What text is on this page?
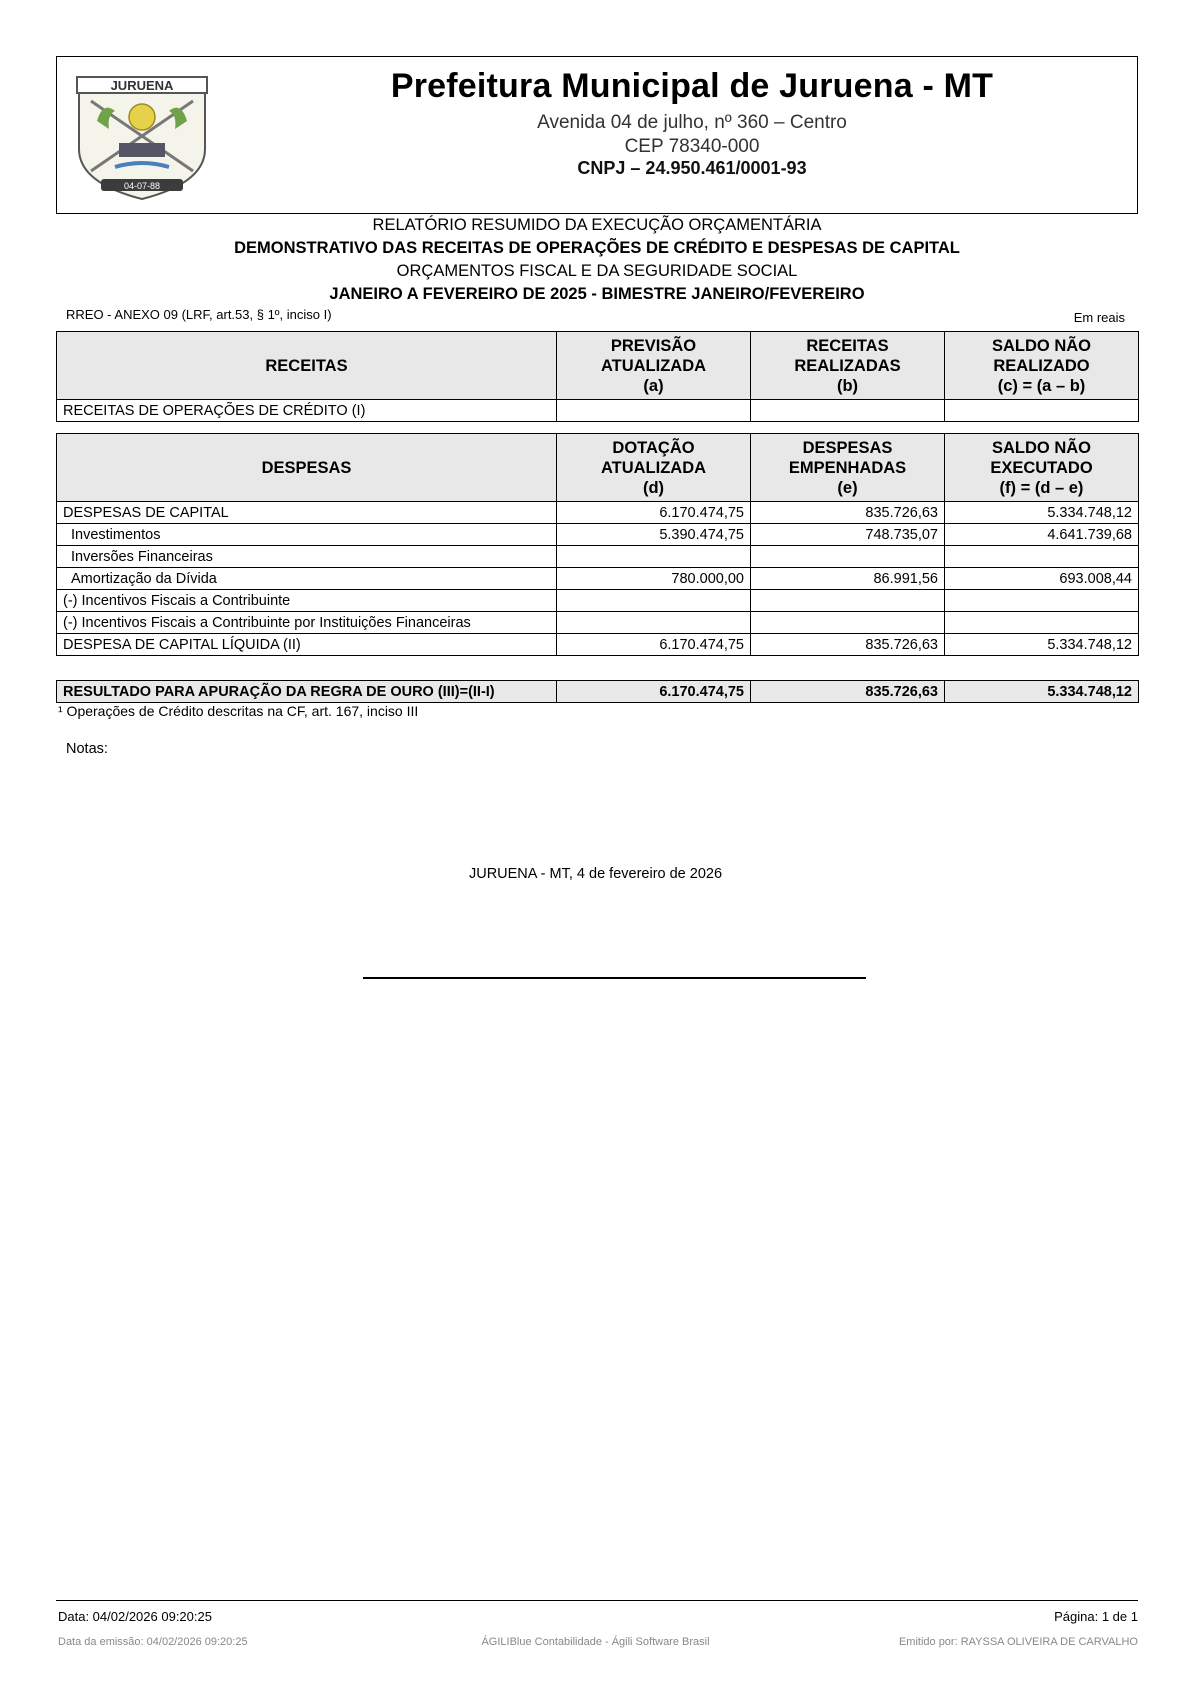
JURUENA
04-07-88
Prefeitura Municipal de Juruena - MT
Avenida 04 de julho, nº 360 – Centro
CEP 78340-000
CNPJ – 24.950.461/0001-93
RELATÓRIO RESUMIDO DA EXECUÇÃO ORÇAMENTÁRIA
DEMONSTRATIVO DAS RECEITAS DE OPERAÇÕES DE CRÉDITO E DESPESAS DE CAPITAL
ORÇAMENTOS FISCAL E DA SEGURIDADE SOCIAL
JANEIRO A FEVEREIRO DE 2025 - BIMESTRE JANEIRO/FEVEREIRO
RREO - ANEXO 09 (LRF, art.53, § 1º, inciso I)	Em reais
RECEITAS	PREVISÃO
ATUALIZADA
(a)	RECEITAS
REALIZADAS
(b)	SALDO NÃO
REALIZADO
(c) = (a – b)
RECEITAS DE OPERAÇÕES DE CRÉDITO (I)			
DESPESAS	DOTAÇÃO
ATUALIZADA
(d)	DESPESAS
EMPENHADAS
(e)	SALDO NÃO
EXECUTADO
(f) = (d – e)
DESPESAS DE CAPITAL	6.170.474,75	835.726,63	5.334.748,12
Investimentos	5.390.474,75	748.735,07	4.641.739,68
Inversões Financeiras			
Amortização da Dívida	780.000,00	86.991,56	693.008,44
(-) Incentivos Fiscais a Contribuinte			
(-) Incentivos Fiscais a Contribuinte por Instituições Financeiras			
DESPESA DE CAPITAL LÍQUIDA (II)	6.170.474,75	835.726,63	5.334.748,12
RESULTADO PARA APURAÇÃO DA REGRA DE OURO (III)=(II-I)	6.170.474,75	835.726,63	5.334.748,12
¹ Operações de Crédito descritas na CF, art. 167, inciso III
Notas:
JURUENA - MT, 4 de fevereiro de 2026
Data: 04/02/2026 09:20:25	Página: 1 de 1
Data da emissão: 04/02/2026 09:20:25	ÁGILIBlue Contabilidade - Ágili Software Brasil	Emitido por: RAYSSA OLIVEIRA DE CARVALHO
